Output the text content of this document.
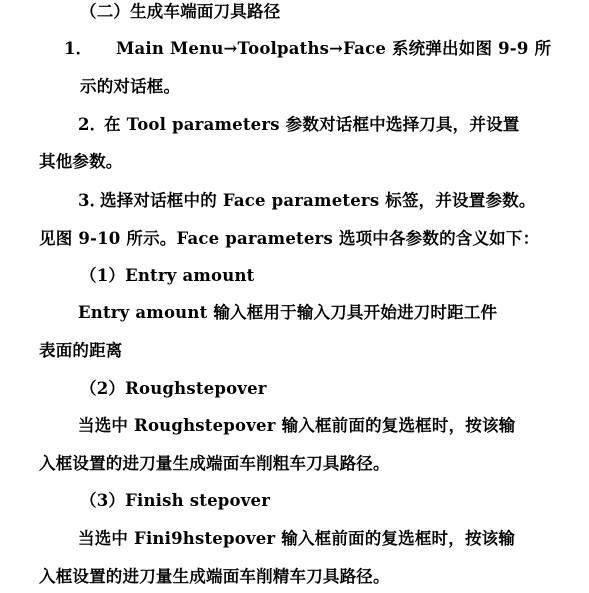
（二）生成车端面刀具路径
1． Main Menu→Toolpaths→Face 系统弹出如图 9-9 所
示的对话框。
2．
在 Tool parameters 参数对话框中选择刀具，并设置
其他参数。
3．
选择对话框中的 Face parameters 标签，并设置参数。
见图 9-10 所示。Face parameters 选项中各参数的含义如下：
（1）Entry amount
Entry amount 输入框用于输入刀具开始进刀时距工件
表面的距离
（2）Roughstepover
当选中 Roughstepover 输入框前面的复选框时，按该输
入框设置的进刀量生成端面车削粗车刀具路径。
（3）Finish stepover
当选中 Fini9hstepover 输入框前面的复选框时，按该输
入框设置的进刀量生成端面车削精车刀具路径。
